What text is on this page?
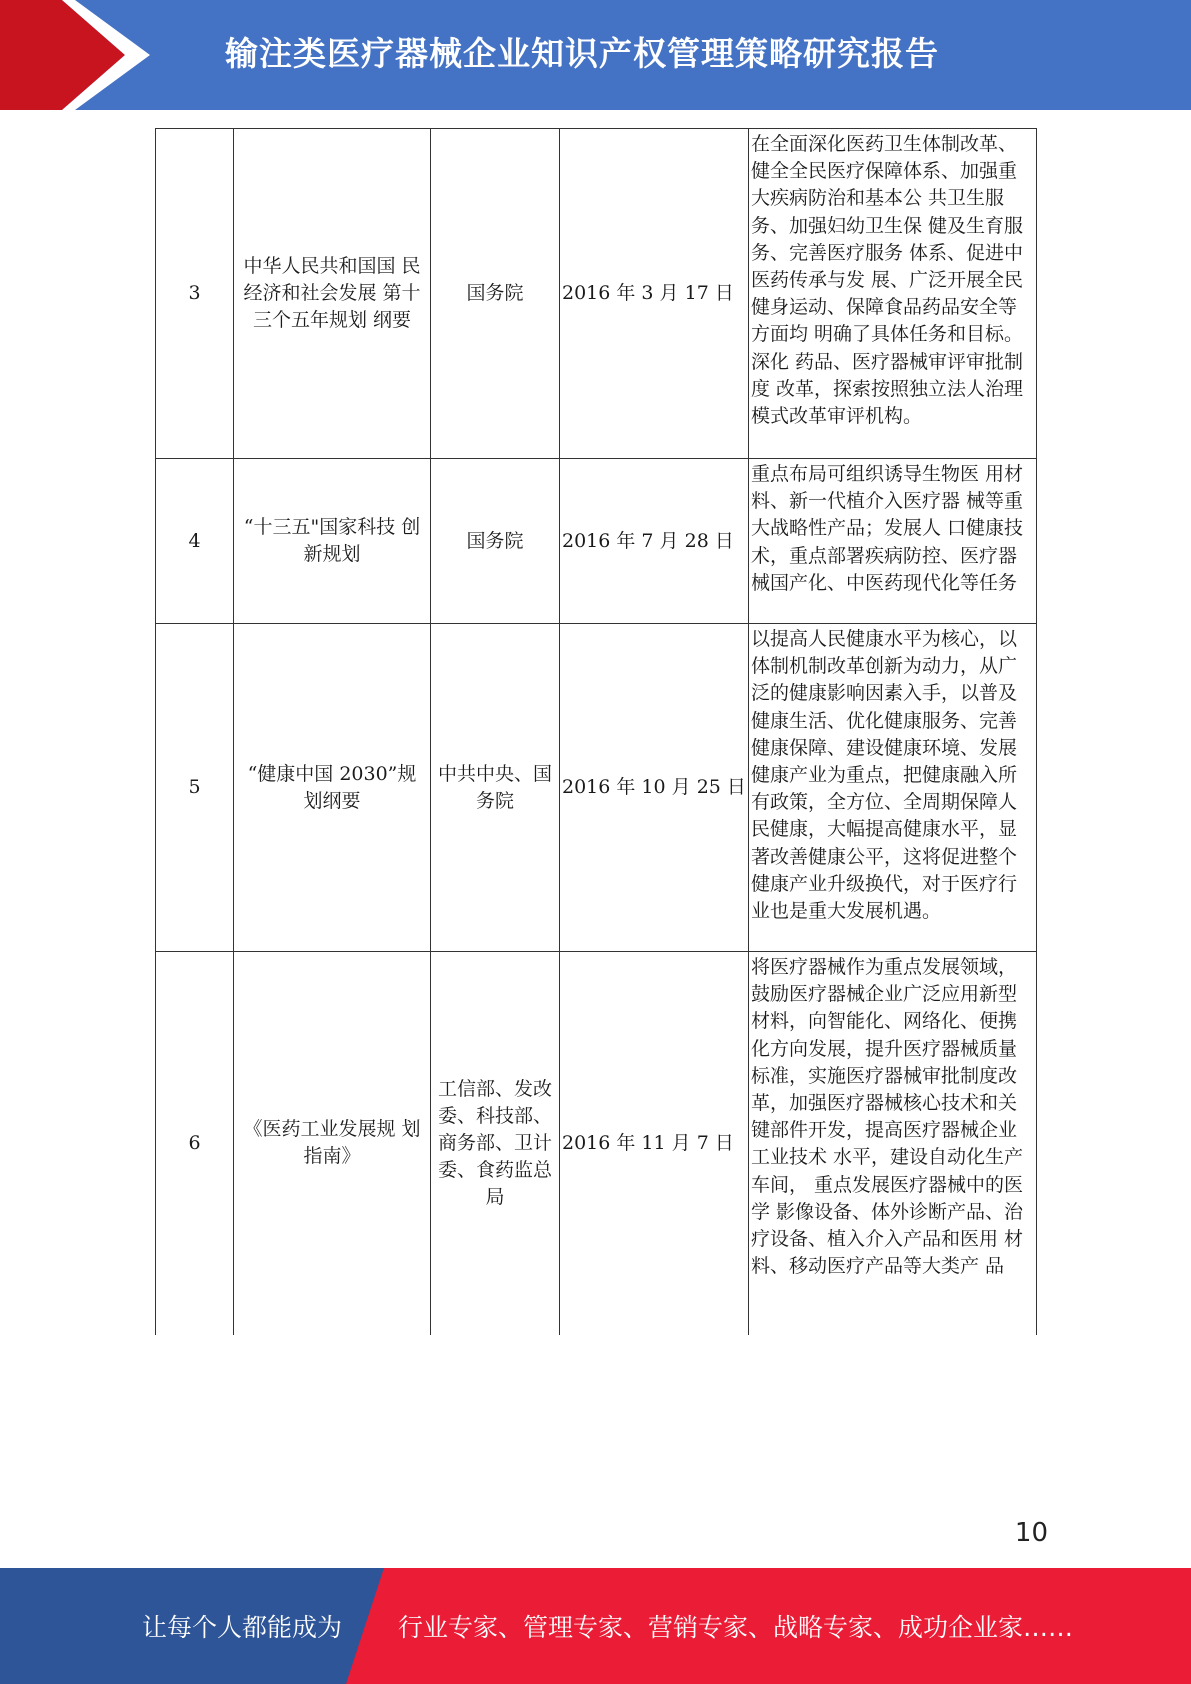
输注类医疗器械企业知识产权管理策略研究报告
3	中华人民共和国国 民经济和社会发展 第十三个五年规划 纲要	国务院	2016 年 3 月 17 日	在全面深化医药卫生体制改革、健全全民医疗保障体系、加强重大疾病防治和基本公 共卫生服务、加强妇幼卫生保 健及生育服务、完善医疗服务 体系、促进中医药传承与发 展、广泛开展全民健身运动、保障食品药品安全等方面均 明确了具体任务和目标。深化 药品、医疗器械审评审批制度 改革，探索按照独立法人治理 模式改革审评机构。
4	“十三五"国家科技 创新规划	国务院	2016 年 7 月 28 日	重点布局可组织诱导生物医 用材料、新一代植介入医疗器 械等重大战略性产品；发展人 口健康技术，重点部署疾病防控、医疗器械国产化、中医药现代化等任务
5	“健康中国 2030”规 划纲要	中共中央、国务院	2016 年 10 月 25 日	以提高人民健康水平为核心，以体制机制改革创新为动力，从广泛的健康影响因素入手，以普及健康生活、优化健康服务、完善健康保障、建设健康环境、发展健康产业为重点，把健康融入所有政策，全方位、全周期保障人民健康，大幅提高健康水平，显著改善健康公平，这将促进整个健康产业升级换代，对于医疗行业也是重大发展机遇。
6	《医药工业发展规 划指南》	工信部、发改委、科技部、商务部、卫计委、食药监总局	2016 年 11 月 7 日	将医疗器械作为重点发展领域，鼓励医疗器械企业广泛应用新型材料，向智能化、网络化、便携化方向发展，提升医疗器械质量标准，实施医疗器械审批制度改革，加强医疗器械核心技术和关键部件开发，提高医疗器械企业工业技术 水平，建设自动化生产车间， 重点发展医疗器械中的医学 影像设备、体外诊断产品、治 疗设备、植入介入产品和医用 材料、移动医疗产品等大类产 品
10
让每个人都能成为 行业专家、管理专家、营销专家、战略专家、成功企业家……
